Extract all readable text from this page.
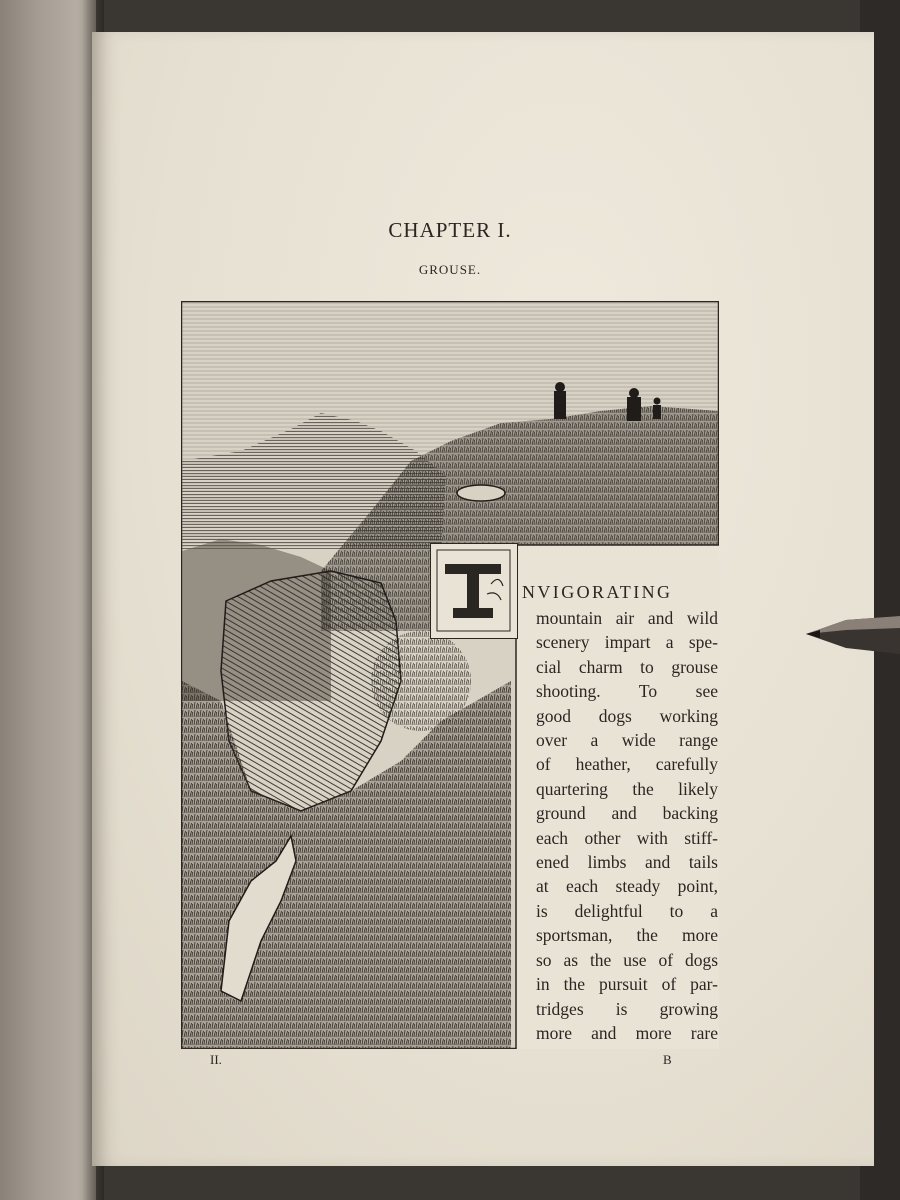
CHAPTER I.
GROUSE.
NVIGORATING
mountain air and wild
scenery impart a spe-
cial charm to grouse
shooting. To see
good dogs working
over a wide range
of heather, carefully
quartering the likely
ground and backing
each other with stiff-
ened limbs and tails
at each steady point,
is delightful to a
sportsman, the more
so as the use of dogs
in the pursuit of par-
tridges is growing
more and more rare
II.	B
